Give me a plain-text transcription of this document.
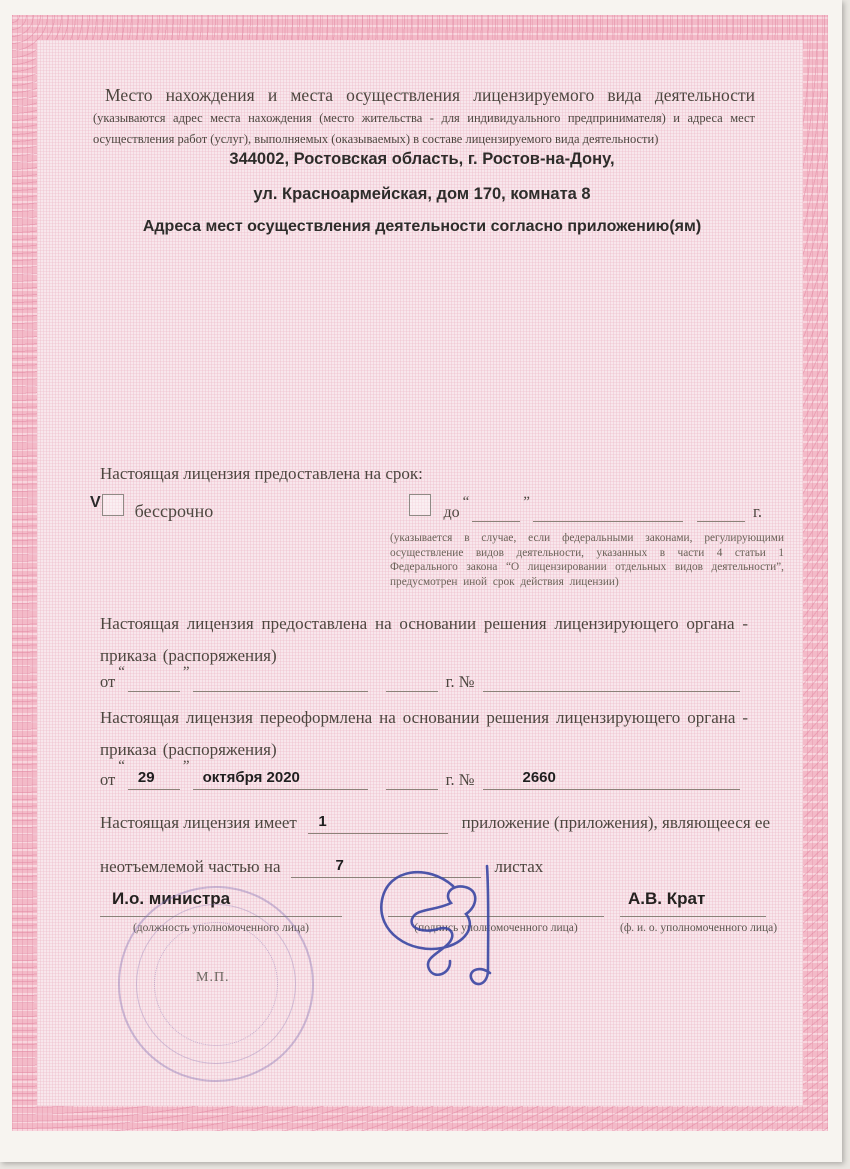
Место нахождения и места осуществления лицензируемого вида деятельности (указываются адрес места нахождения (место жительства - для индивидуального предпринимателя) и адреса мест осуществления работ (услуг), выполняемых (оказываемых) в составе лицензируемого вида деятельности)
344002, Ростовская область, г. Ростов-на-Дону,
ул. Красноармейская, дом 170, комната 8
Адреса мест осуществления деятельности согласно приложению(ям)
Настоящая лицензия предоставлена на срок:
V бессрочно	до
“	”	г.
(указывается в случае, если федеральными законами, регулирующими осуществление видов деятельности, указанных в части 4 статьи 1 Федерального закона “О лицензировании отдельных видов деятельности”, предусмотрен иной срок действия лицензии)
Настоящая лицензия предоставлена на основании решения лицензирующего органа - приказа (распоряжения)
от “	”	г. №
Настоящая лицензия переоформлена на основании решения лицензирующего органа - приказа (распоряжения)
от
“
29
”
октября 2020	г. №	2660
Настоящая лицензия имеет 1	приложение (приложения), являющееся ее
неотъемлемой частью на	7	листах
И.о. министра	А.В. Крат
(должность уполномоченного лица)	(подпись уполномоченного лица)	(ф. и. о. уполномоченного лица)
М.П.
